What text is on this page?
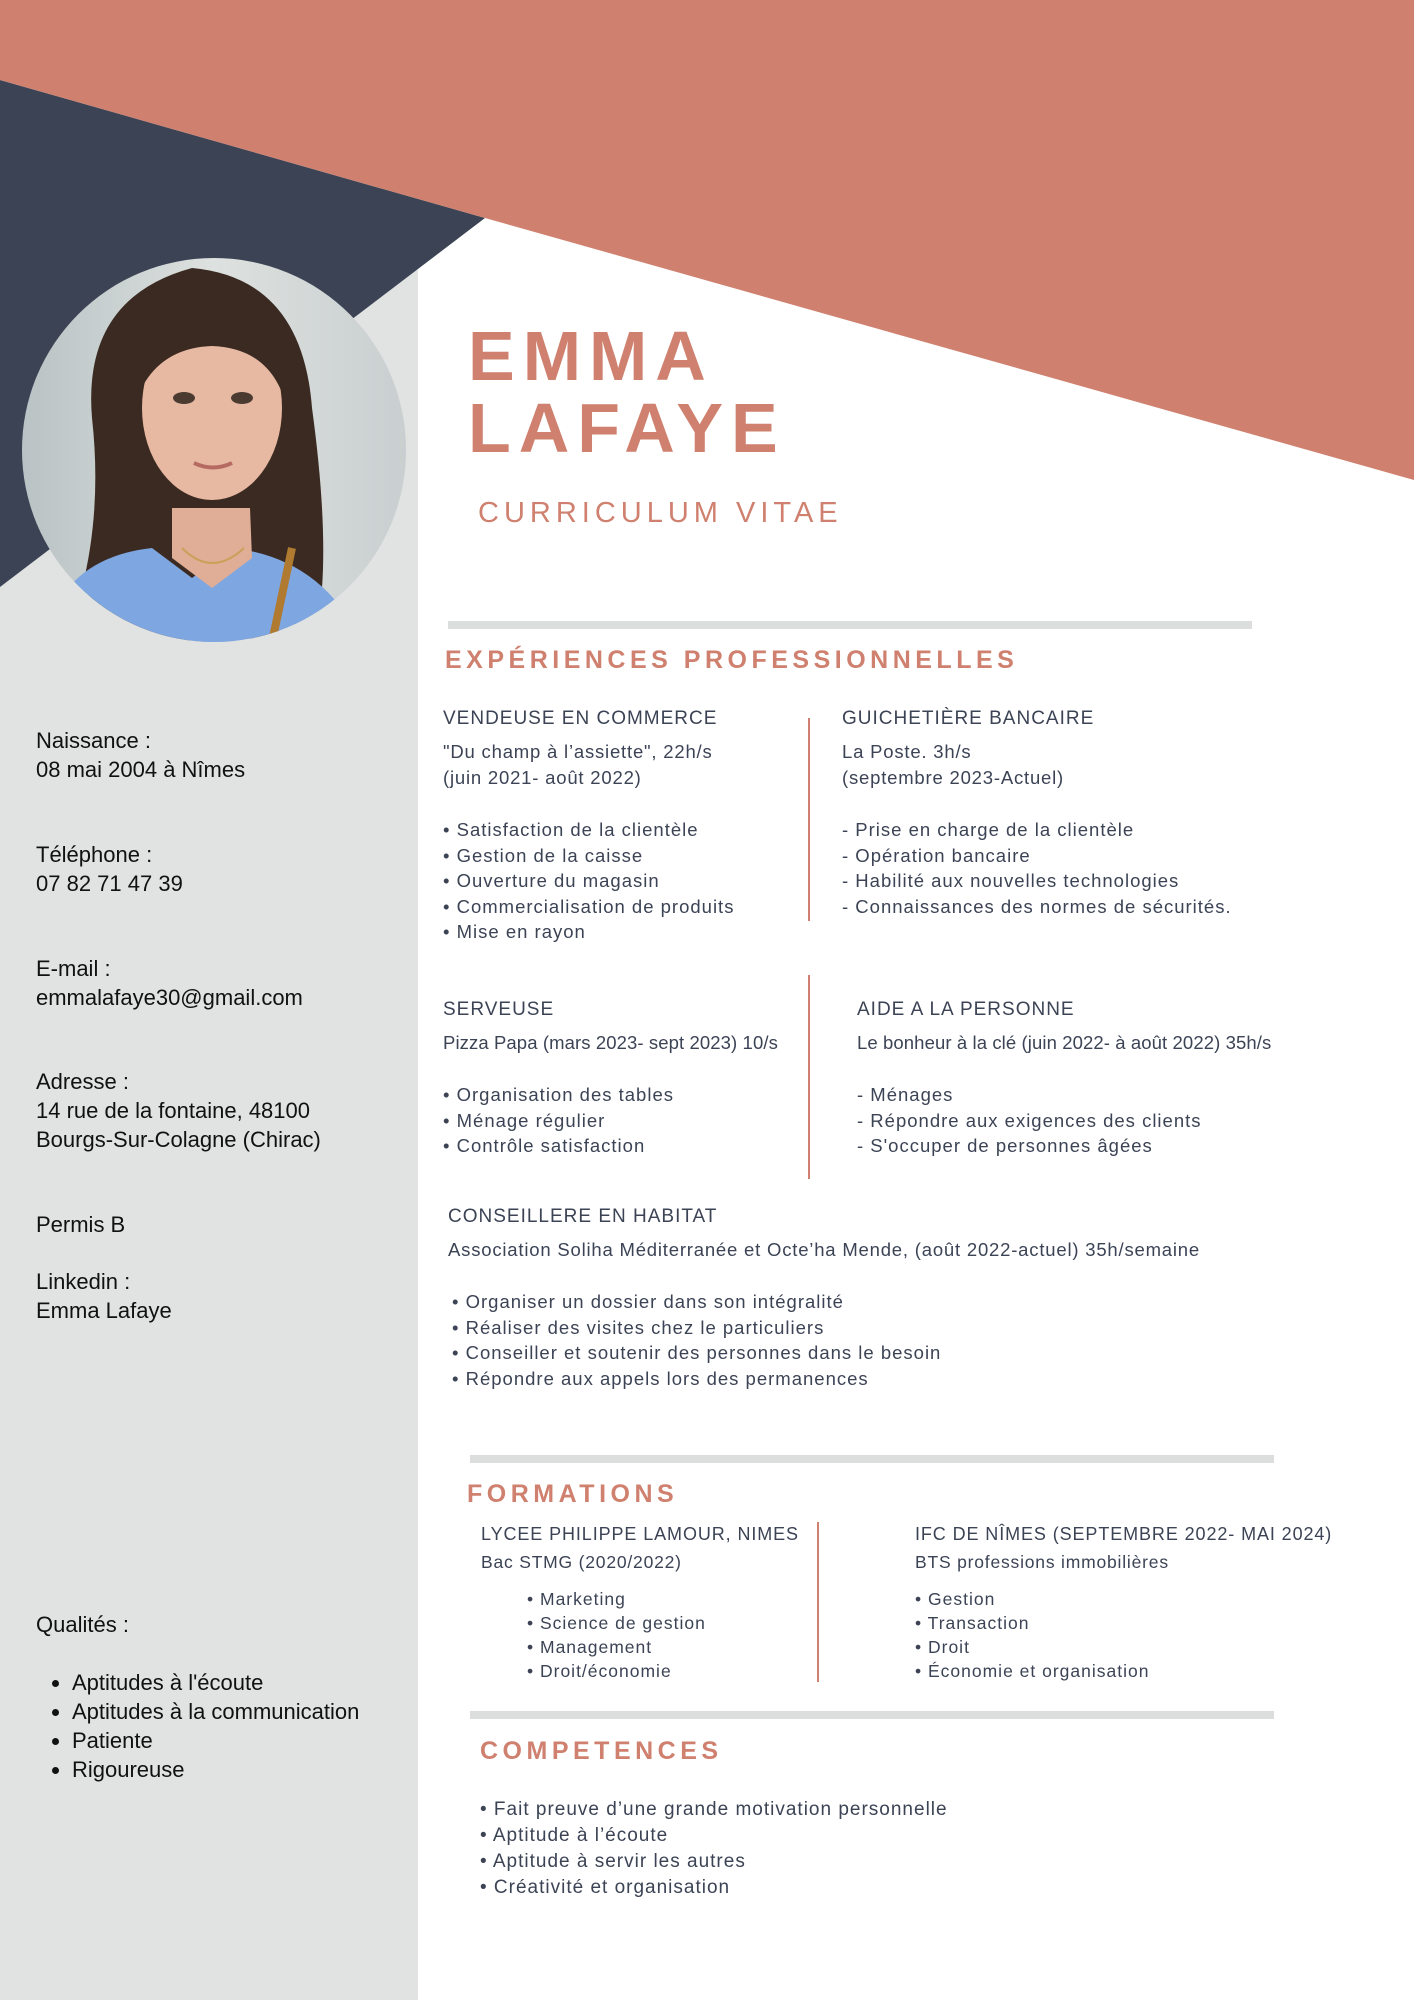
Naissance :
08 mai 2004 à Nîmes
Téléphone :
07 82 71 47 39
E-mail :
emmalafaye30@gmail.com
Adresse :
14 rue de la fontaine, 48100
Bourgs-Sur-Colagne (Chirac)
Permis B
Linkedin :
Emma Lafaye
Qualités :
• Aptitudes à l'écoute
• Aptitudes à la communication
• Patiente
• Rigoureuse
EMMA
LAFAYE
CURRICULUM VITAE
EXPÉRIENCES PROFESSIONNELLES
VENDEUSE EN COMMERCE
"Du champ à l’assiette", 22h/s
(juin 2021- août 2022)
• Satisfaction de la clientèle
• Gestion de la caisse
• Ouverture du magasin
• Commercialisation de produits
• Mise en rayon
GUICHETIÈRE BANCAIRE
La Poste. 3h/s
(septembre 2023-Actuel)
- Prise en charge de la clientèle
- Opération bancaire
- Habilité aux nouvelles technologies
- Connaissances des normes de sécurités.
SERVEUSE
Pizza Papa (mars 2023- sept 2023) 10/s
• Organisation des tables
• Ménage régulier
• Contrôle satisfaction
AIDE A LA PERSONNE
Le bonheur à la clé (juin 2022- à août 2022) 35h/s
- Ménages
- Répondre aux exigences des clients
- S'occuper de personnes âgées
CONSEILLERE EN HABITAT
Association Soliha Méditerranée et Octe’ha Mende, (août 2022-actuel) 35h/semaine
• Organiser un dossier dans son intégralité
• Réaliser des visites chez le particuliers
• Conseiller et soutenir des personnes dans le besoin
• Répondre aux appels lors des permanences
FORMATIONS
LYCEE PHILIPPE LAMOUR, NIMES
Bac STMG (2020/2022)
• Marketing
• Science de gestion
• Management
• Droit/économie
IFC DE NÎMES (SEPTEMBRE 2022- MAI 2024)
BTS professions immobilières
• Gestion
• Transaction
• Droit
• Économie et organisation
COMPETENCES
• Fait preuve d’une grande motivation personnelle
• Aptitude à l’écoute
• Aptitude à servir les autres
• Créativité et organisation
